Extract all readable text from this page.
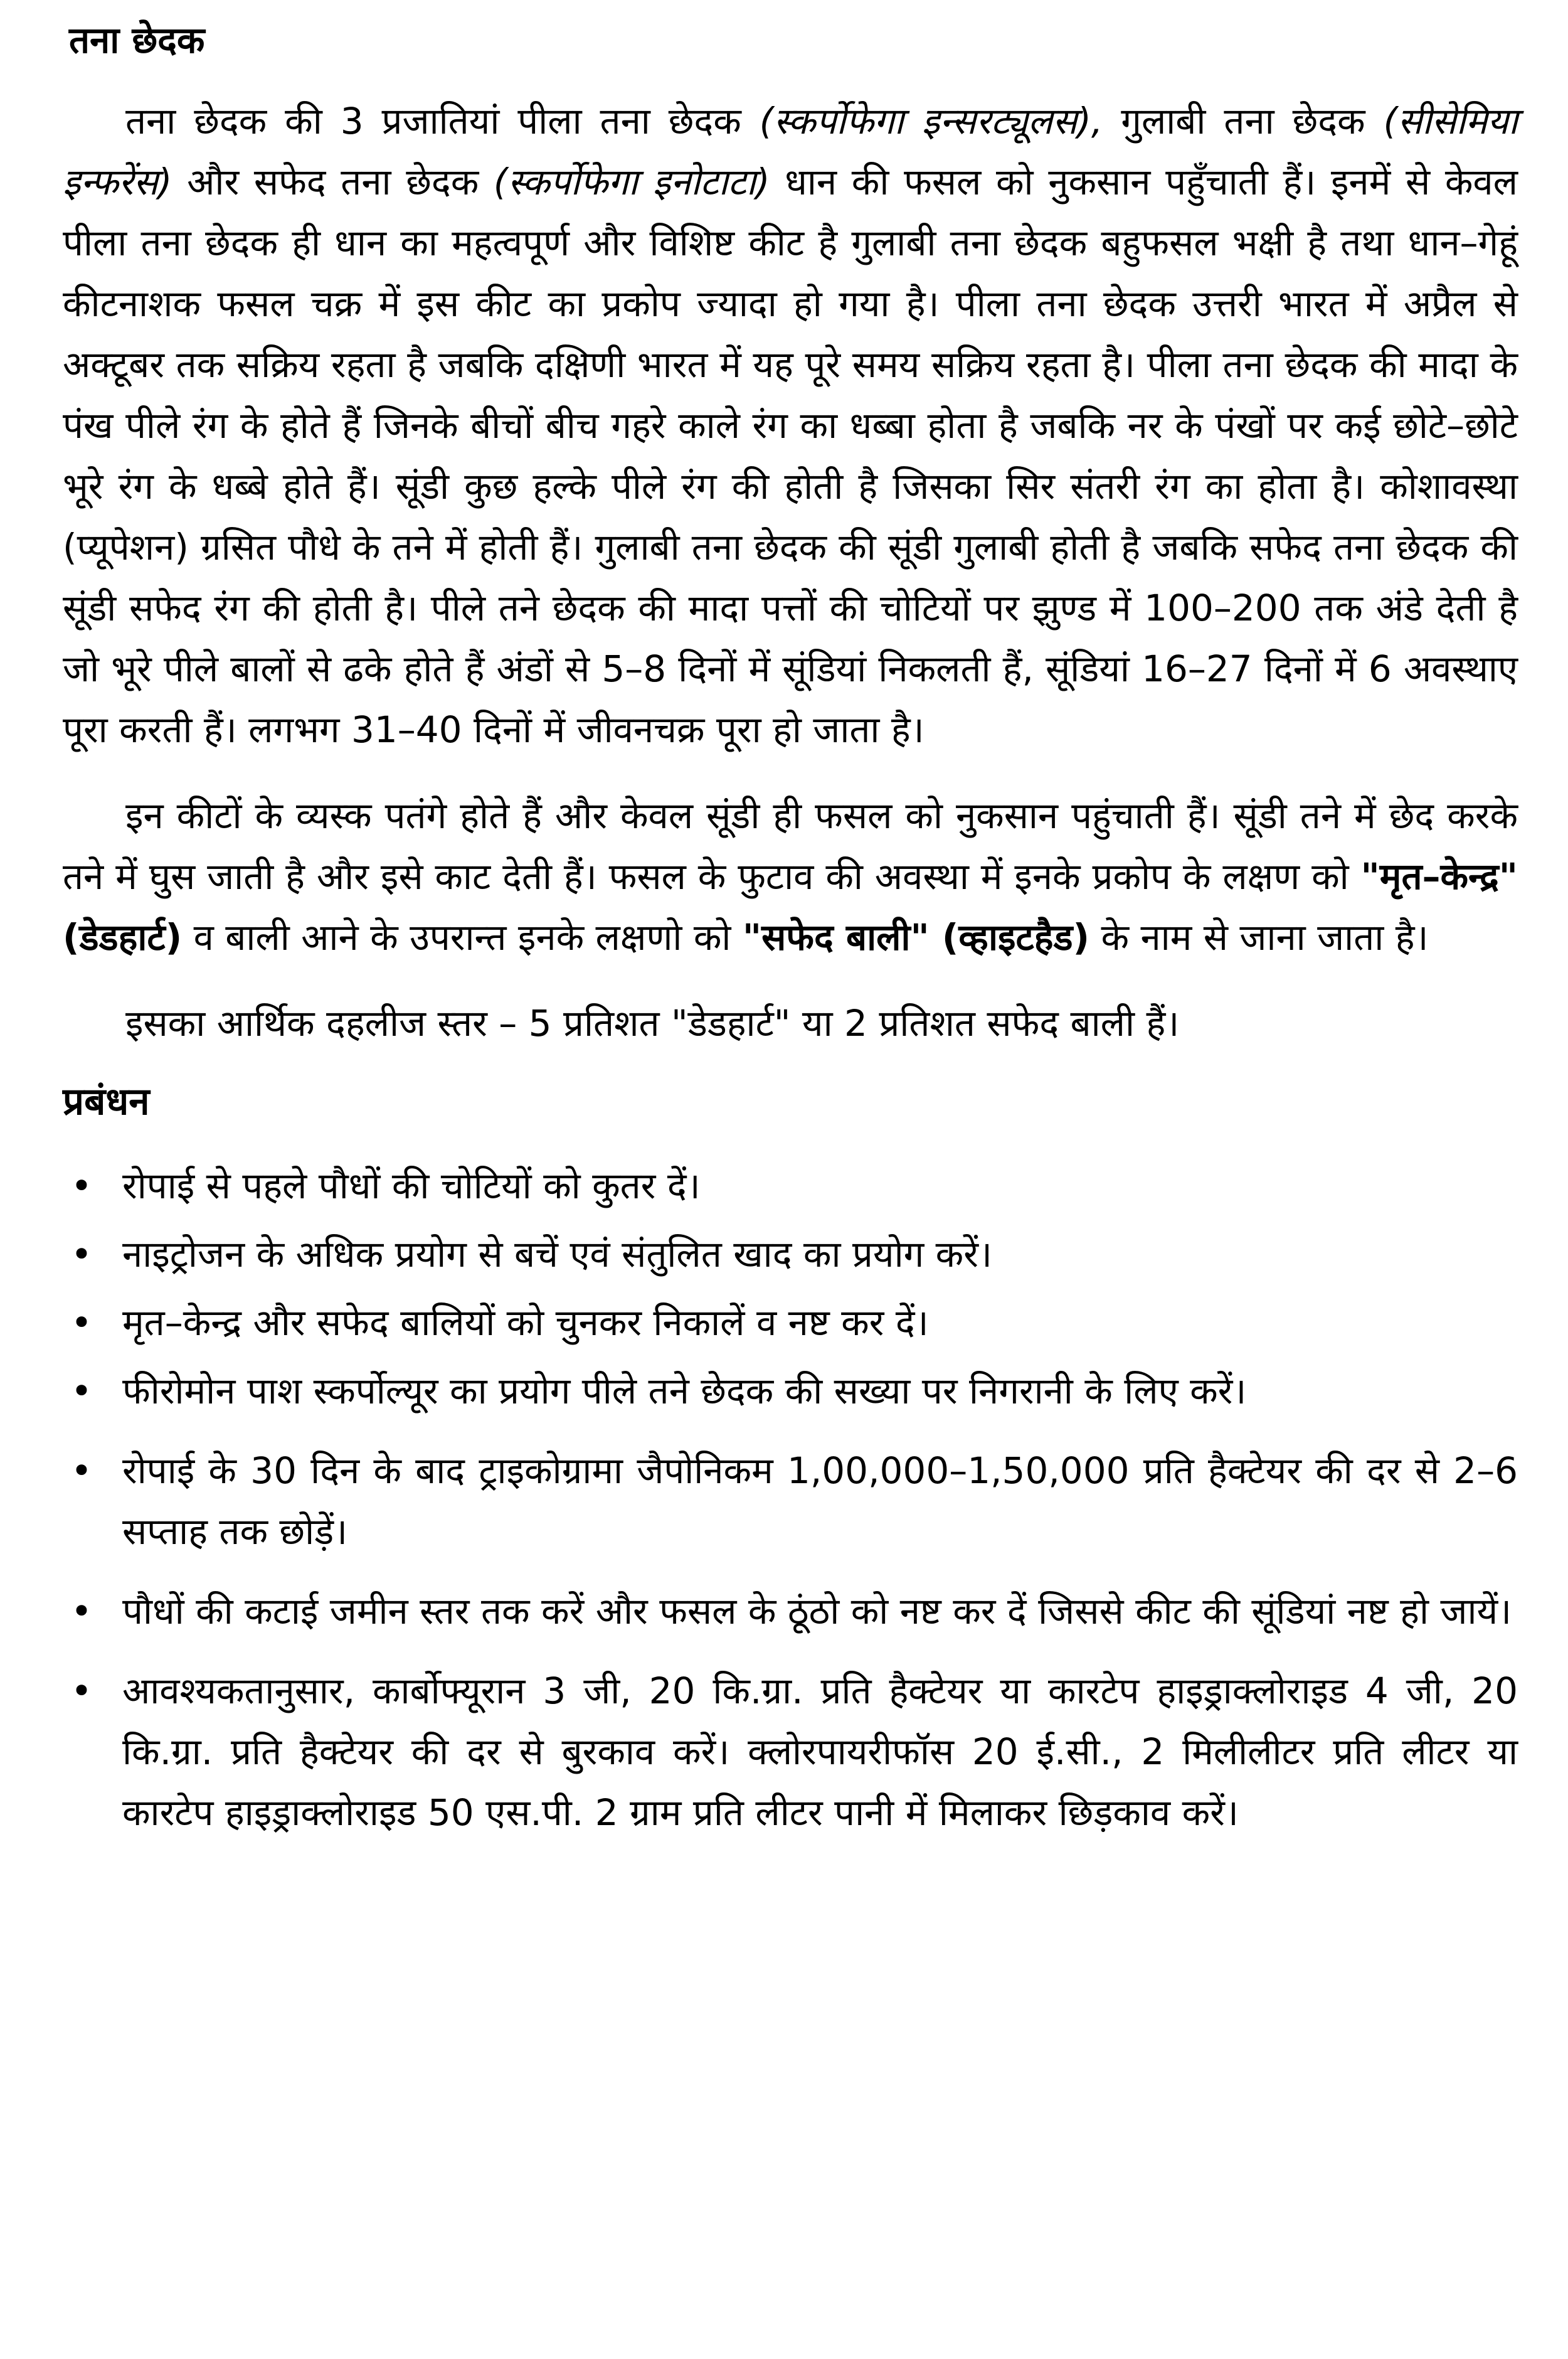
तना छेदक

तना छेदक की 3 प्रजातियां पीला तना छेदक (स्कर्पोफेगा इन्सरट्यूलस), गुलाबी तना छेदक (सीसेमिया इन्फरेंस) और सफेद तना छेदक (स्कर्पोफेगा इनोटाटा) धान की फसल को नुकसान पहुँचाती हैं। इनमें से केवल पीला तना छेदक ही धान का महत्वपूर्ण और विशिष्ट कीट है गुलाबी तना छेदक बहुफसल भक्षी है तथा धान–गेहूं कीटनाशक फसल चक्र में इस कीट का प्रकोप ज्यादा हो गया है। पीला तना छेदक उत्तरी भारत में अप्रैल से अक्टूबर तक सक्रिय रहता है जबकि दक्षिणी भारत में यह पूरे समय सक्रिय रहता है। पीला तना छेदक की मादा के पंख पीले रंग के होते हैं जिनके बीचों बीच गहरे काले रंग का धब्बा होता है जबकि नर के पंखों पर कई छोटे–छोटे भूरे रंग के धब्बे होते हैं। सूंडी कुछ हल्के पीले रंग की होती है जिसका सिर संतरी रंग का होता है। कोशावस्था (प्यूपेशन) ग्रसित पौधे के तने में होती हैं। गुलाबी तना छेदक की सूंडी गुलाबी होती है जबकि सफेद तना छेदक की सूंडी सफेद रंग की होती है। पीले तने छेदक की मादा पत्तों की चोटियों पर झुण्ड में 100–200 तक अंडे देती है जो भूरे पीले बालों से ढके होते हैं अंडों से 5–8 दिनों में सूंडियां निकलती हैं, सूंडियां 16–27 दिनों में 6 अवस्थाए पूरा करती हैं। लगभग 31–40 दिनों में जीवनचक्र पूरा हो जाता है।

इन कीटों के व्यस्क पतंगे होते हैं और केवल सूंडी ही फसल को नुकसान पहुंचाती हैं। सूंडी तने में छेद करके तने में घुस जाती है और इसे काट देती हैं। फसल के फुटाव की अवस्था में इनके प्रकोप के लक्षण को "मृत–केन्द्र" (डेडहार्ट) व बाली आने के उपरान्त इनके लक्षणो को "सफेद बाली" (व्हाइटहैड) के नाम से जाना जाता है।

इसका आर्थिक दहलीज स्तर – 5 प्रतिशत "डेडहार्ट" या 2 प्रतिशत सफेद बाली हैं।

प्रबंधन
• रोपाई से पहले पौधों की चोटियों को कुतर दें।
• नाइट्रोजन के अधिक प्रयोग से बचें एवं संतुलित खाद का प्रयोग करें।
• मृत–केन्द्र और सफेद बालियों को चुनकर निकालें व नष्ट कर दें।
• फीरोमोन पाश स्कर्पोल्यूर का प्रयोग पीले तने छेदक की सख्या पर निगरानी के लिए करें।
• रोपाई के 30 दिन के बाद ट्राइकोग्रामा जैपोनिकम 1,00,000–1,50,000 प्रति हैक्टेयर की दर से 2–6 सप्ताह तक छोड़ें।
• पौधों की कटाई जमीन स्तर तक करें और फसल के ठूंठो को नष्ट कर दें जिससे कीट की सूंडियां नष्ट हो जायें।
• आवश्यकतानुसार, कार्बोफ्यूरान 3 जी, 20 कि.ग्रा. प्रति हैक्टेयर या कारटेप हाइड्राक्लोराइड 4 जी, 20 कि.ग्रा. प्रति हैक्टेयर की दर से बुरकाव करें। क्लोरपायरीफॉस 20 ई.सी., 2 मिलीलीटर प्रति लीटर या कारटेप हाइड्राक्लोराइड 50 एस.पी. 2 ग्राम प्रति लीटर पानी में मिलाकर छिड़काव करें।
